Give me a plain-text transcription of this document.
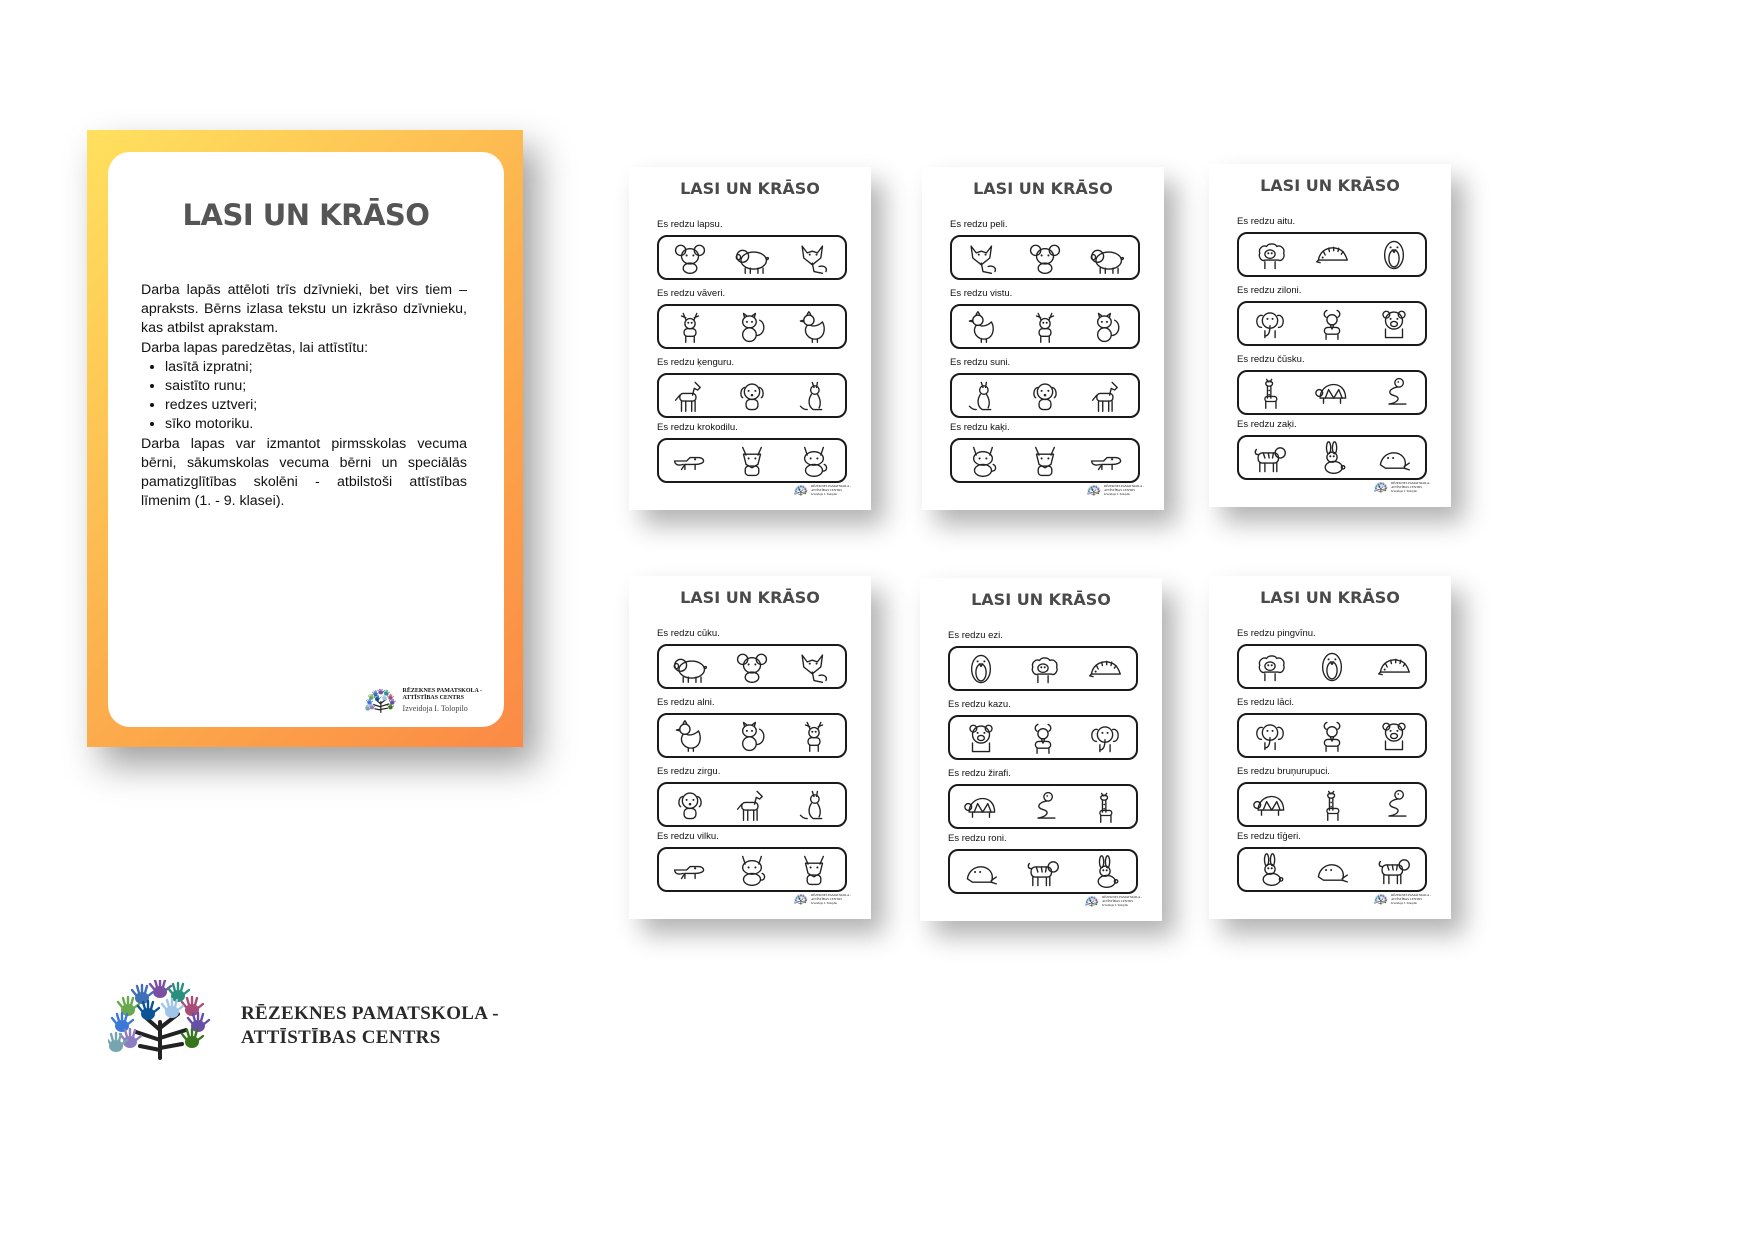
LASI UN KRĀSO

Darba lapās attēloti trīs dzīvnieki, bet virs tiem – apraksts. Bērns izlasa tekstu un izkrāso dzīvnieku, kas atbilst aprakstam.

Darba lapas paredzētas, lai attīstītu:

• lasītā izpratni;
• saistīto runu;
• redzes uztveri;
• sīko motoriku.

Darba lapas var izmantot pirmsskolas vecuma bērni, sākumskolas vecuma bērni un speciālās pamatizglītības skolēni - atbilstoši attīstības līmenim (1. - 9. klasei).

RĒZEKNES PAMATSKOLA -
ATTĪSTĪBAS CENTRS
Izveidoja I. Tolopilo
LASI UN KRĀSO
Es redzu lapsu.
Es redzu vāveri.
Es redzu ķenguru.
Es redzu krokodilu.
RĒZEKNES PAMATSKOLA -
ATTĪSTĪBAS CENTRS
Izveidoja I. Tolopilo
LASI UN KRĀSO
Es redzu peli.
Es redzu vistu.
Es redzu suni.
Es redzu kaķi.
RĒZEKNES PAMATSKOLA -
ATTĪSTĪBAS CENTRS
Izveidoja I. Tolopilo
LASI UN KRĀSO
Es redzu aitu.
Es redzu ziloni.
Es redzu čūsku.
Es redzu zaķi.
RĒZEKNES PAMATSKOLA -
ATTĪSTĪBAS CENTRS
Izveidoja I. Tolopilo
LASI UN KRĀSO
Es redzu cūku.
Es redzu alni.
Es redzu zirgu.
Es redzu vilku.
RĒZEKNES PAMATSKOLA -
ATTĪSTĪBAS CENTRS
Izveidoja I. Tolopilo
LASI UN KRĀSO
Es redzu ezi.
Es redzu kazu.
Es redzu žirafi.
Es redzu roni.
RĒZEKNES PAMATSKOLA -
ATTĪSTĪBAS CENTRS
Izveidoja I. Tolopilo
LASI UN KRĀSO
Es redzu pingvīnu.
Es redzu lāci.
Es redzu bruņurupuci.
Es redzu tīģeri.
RĒZEKNES PAMATSKOLA -
ATTĪSTĪBAS CENTRS
Izveidoja I. Tolopilo
RĒZEKNES PAMATSKOLA -
ATTĪSTĪBAS CENTRS
